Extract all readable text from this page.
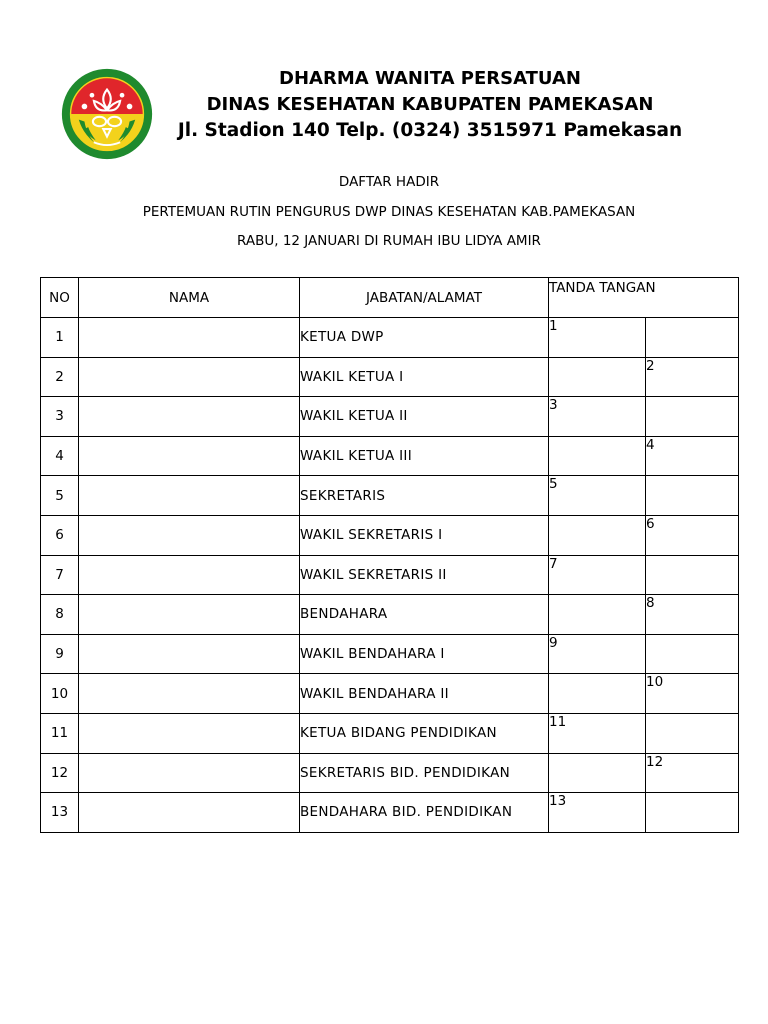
DHARMA WANITA PERSATUAN
DINAS KESEHATAN KABUPATEN PAMEKASAN
Jl. Stadion 140 Telp. (0324) 3515971 Pamekasan
DAFTAR HADIR
PERTEMUAN RUTIN PENGURUS DWP DINAS KESEHATAN KAB.PAMEKASAN
RABU, 12 JANUARI DI RUMAH IBU LIDYA AMIR
NO	NAMA	JABATAN/ALAMAT	TANDA TANGAN	
1		KETUA DWP	1	
2		WAKIL KETUA I		2
3		WAKIL KETUA II	3	
4		WAKIL KETUA III		4
5		SEKRETARIS	5	
6		WAKIL SEKRETARIS I		6
7		WAKIL SEKRETARIS II	7	
8		BENDAHARA		8
9		WAKIL BENDAHARA I	9	
10		WAKIL BENDAHARA II		10
11		KETUA BIDANG PENDIDIKAN	11	
12		SEKRETARIS BID. PENDIDIKAN		12
13		BENDAHARA BID. PENDIDIKAN	13	
